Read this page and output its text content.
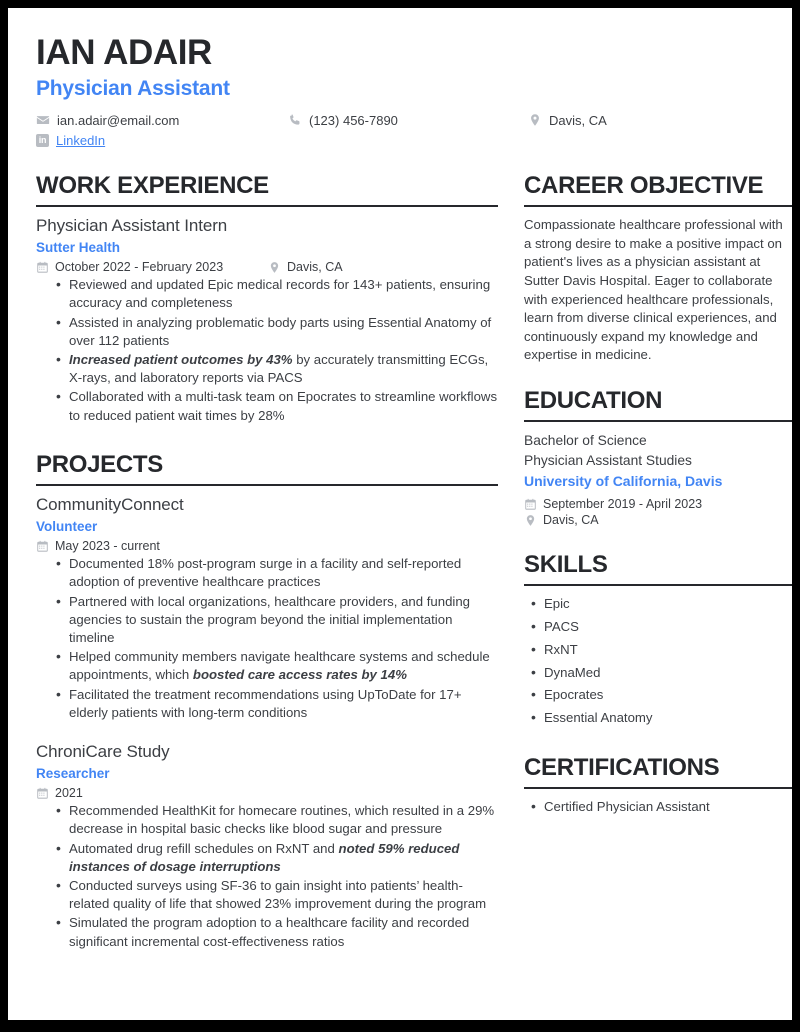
IAN ADAIR
Physician Assistant
ian.adair@email.com	(123) 456-7890	Davis, CA
in LinkedIn
WORK EXPERIENCE
Physician Assistant Intern
Sutter Health
October 2022 - February 2023	Davis, CA
• Reviewed and updated Epic medical records for 143+ patients, ensuring accuracy and completeness
• Assisted in analyzing problematic body parts using Essential Anatomy of over 112 patients
• Increased patient outcomes by 43% by accurately transmitting ECGs, X-rays, and laboratory reports via PACS
• Collaborated with a multi-task team on Epocrates to streamline workflows to reduced patient wait times by 28%
PROJECTS
CommunityConnect
Volunteer
May 2023 - current
• Documented 18% post-program surge in a facility and self-reported adoption of preventive healthcare practices
• Partnered with local organizations, healthcare providers, and funding agencies to sustain the program beyond the initial implementation timeline
• Helped community members navigate healthcare systems and schedule appointments, which boosted care access rates by 14%
• Facilitated the treatment recommendations using UpToDate for 17+ elderly patients with long-term conditions
ChroniCare Study
Researcher
2021
• Recommended HealthKit for homecare routines, which resulted in a 29% decrease in hospital basic checks like blood sugar and pressure
• Automated drug refill schedules on RxNT and noted 59% reduced instances of dosage interruptions
• Conducted surveys using SF-36 to gain insight into patients’ health-related quality of life that showed 23% improvement during the program
• Simulated the program adoption to a healthcare facility and recorded significant incremental cost-effectiveness ratios
CAREER OBJECTIVE

Compassionate healthcare professional with a strong desire to make a positive impact on patient's lives as a physician assistant at Sutter Davis Hospital. Eager to collaborate with experienced healthcare professionals, learn from diverse clinical experiences, and continuously expand my knowledge and expertise in medicine.

EDUCATION
Bachelor of Science
Physician Assistant Studies
University of California, Davis
September 2019 - April 2023
Davis, CA
SKILLS
• Epic
• PACS
• RxNT
• DynaMed
• Epocrates
• Essential Anatomy
CERTIFICATIONS
• Certified Physician Assistant
